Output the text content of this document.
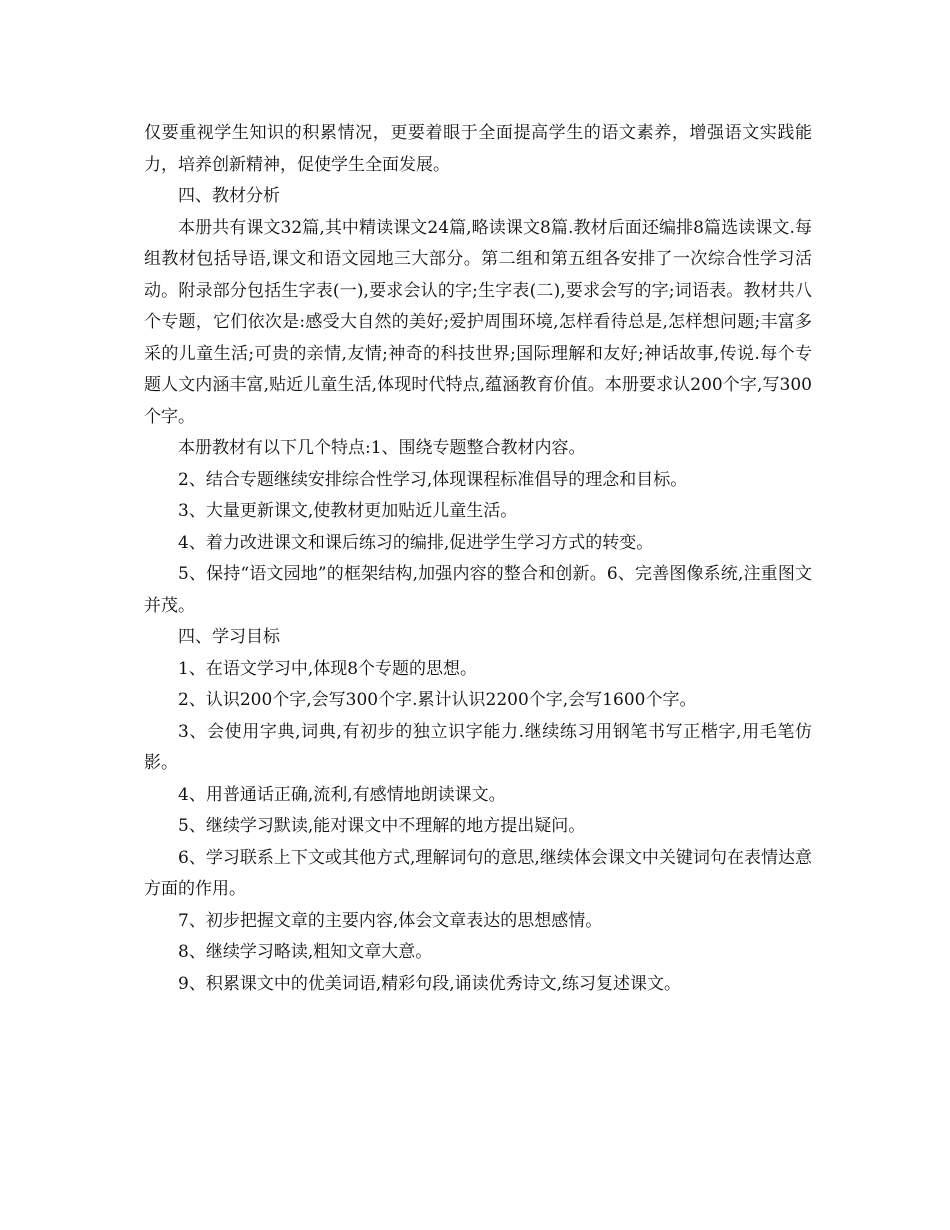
仅要重视学生知识的积累情况，更要着眼于全面提高学生的语文素养，增强语文实践能力，培养创新精神，促使学生全面发展。

四、教材分析

本册共有课文32篇,其中精读课文24篇,略读课文8篇.教材后面还编排8篇选读课文.每组教材包括导语,课文和语文园地三大部分。第二组和第五组各安排了一次综合性学习活动。附录部分包括生字表(一),要求会认的字;生字表(二),要求会写的字;词语表。教材共八个专题，它们依次是:感受大自然的美好;爱护周围环境,怎样看待总是,怎样想问题;丰富多采的儿童生活;可贵的亲情,友情;神奇的科技世界;国际理解和友好;神话故事,传说.每个专题人文内涵丰富,贴近儿童生活,体现时代特点,蕴涵教育价值。本册要求认200个字,写300个字。

本册教材有以下几个特点:1、围绕专题整合教材内容。

2、结合专题继续安排综合性学习,体现课程标准倡导的理念和目标。

3、大量更新课文,使教材更加贴近儿童生活。

4、着力改进课文和课后练习的编排,促进学生学习方式的转变。

5、保持“语文园地”的框架结构,加强内容的整合和创新。6、完善图像系统,注重图文并茂。

四、学习目标

1、在语文学习中,体现8个专题的思想。

2、认识200个字,会写300个字.累计认识2200个字,会写1600个字。

3、会使用字典,词典,有初步的独立识字能力.继续练习用钢笔书写正楷字,用毛笔仿影。

4、用普通话正确,流利,有感情地朗读课文。

5、继续学习默读,能对课文中不理解的地方提出疑问。

6、学习联系上下文或其他方式,理解词句的意思,继续体会课文中关键词句在表情达意方面的作用。

7、初步把握文章的主要内容,体会文章表达的思想感情。

8、继续学习略读,粗知文章大意。

9、积累课文中的优美词语,精彩句段,诵读优秀诗文,练习复述课文。
